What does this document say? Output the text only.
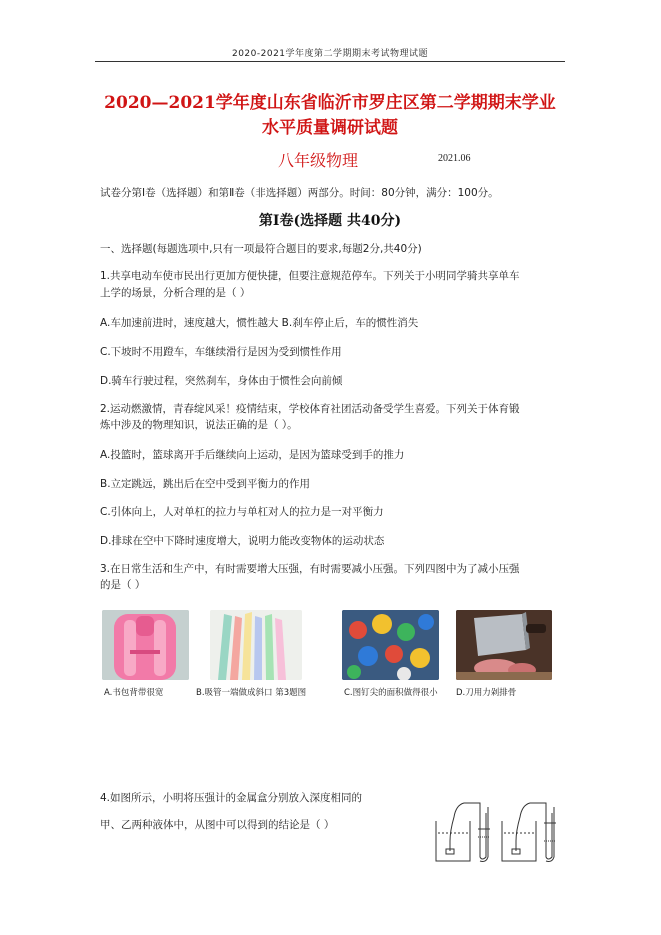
2020-2021学年度第二学期期末考试物理试题
2020—2021学年度山东省临沂市罗庄区第二学期期末学业
水平质量调研试题
八年级物理	2021.06
试卷分第Ⅰ卷（选择题）和第Ⅱ卷（非选择题）两部分。时间：80分钟，满分：100分。
第Ⅰ卷(选择题 共40分)
一、选择题(每题选项中,只有一项最符合题目的要求,每题2分,共40分)
1.共享电动车使市民出行更加方便快捷，但要注意规范停车。下列关于小明同学骑共享单车
上学的场景，分析合理的是（ ）
A.车加速前进时，速度越大，惯性越大 B.刹车停止后，车的惯性消失
C.下坡时不用蹬车，车继续滑行是因为受到惯性作用
D.骑车行驶过程，突然刹车，身体由于惯性会向前倾
2.运动燃激情，青春绽风采！疫情结束，学校体育社团活动备受学生喜爱。下列关于体育锻
炼中涉及的物理知识，说法正确的是（ ）。
A.投篮时，篮球离开手后继续向上运动，是因为篮球受到手的推力
B.立定跳远，跳出后在空中受到平衡力的作用
C.引体向上，人对单杠的拉力与单杠对人的拉力是一对平衡力
D.排球在空中下降时速度增大，说明力能改变物体的运动状态
3.在日常生活和生产中，有时需要增大压强，有时需要减小压强。下列四图中为了减小压强
的是（ ）
A.书包背带很宽	B.吸管一端做成斜口 第3题图	C.图钉尖的面积做得很小 D.刀用力剁排骨
4.如图所示，小明将压强计的金属盒分别放入深度相同的
甲、乙两种液体中，从图中可以得到的结论是（ ）
